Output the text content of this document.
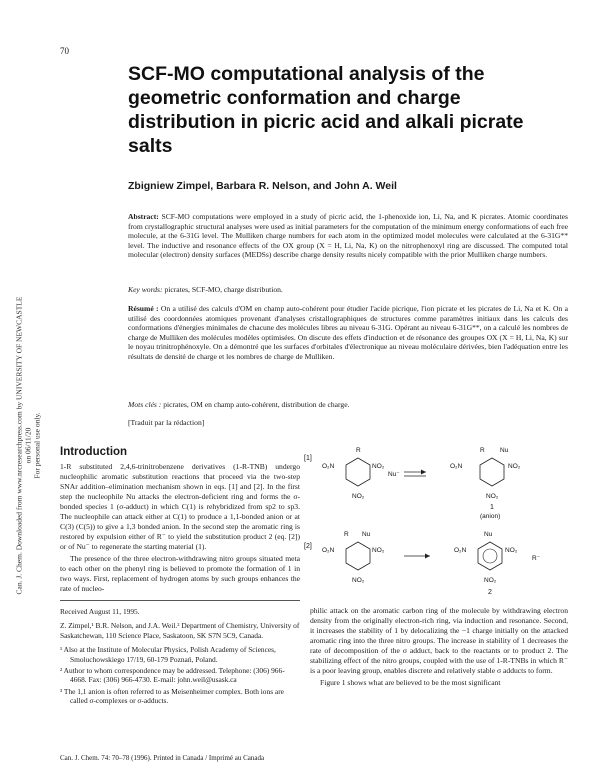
70
Can. J. Chem. Downloaded from www.nrcresearchpress.com by UNIVERSITY OF NEWCASTLE on 06/11/20 For personal use only.
SCF-MO computational analysis of the geometric conformation and charge distribution in picric acid and alkali picrate salts
Zbigniew Zimpel, Barbara R. Nelson, and John A. Weil
Abstract: SCF-MO computations were employed in a study of picric acid, the 1-phenoxide ion, Li, Na, and K picrates. Atomic coordinates from crystallographic structural analyses were used as initial parameters for the computation of the minimum energy conformations of each free molecule, at the 6-31G level. The Mulliken charge numbers for each atom in the optimized model molecules were calculated at the 6-31G** level. The inductive and resonance effects of the OX group (X = H, Li, Na, K) on the nitrophenoxyl ring are discussed. The computed total molecular (electron) density surfaces (MEDSs) describe charge density results nicely compatible with the prior Mulliken charge numbers.
Key words: picrates, SCF-MO, charge distribution.
Résumé : On a utilisé des calculs d'OM en champ auto-cohérent pour étudier l'acide picrique, l'ion picrate et les picrates de Li, Na et K. On a utilisé des coordonnées atomiques provenant d'analyses cristallographiques de structures comme paramètres initiaux dans les calculs des conformations d'énergies minimales de chacune des molécules libres au niveau 6-31G. Opérant au niveau 6-31G**, on a calculé les nombres de charge de Mulliken des molécules modèles optimisées. On discute des effets d'induction et de résonance des groupes OX (X = H, Li, Na, K) sur le noyau trinitrophénoxyle. On a démontré que les surfaces d'orbitales d'électronique au niveau moléculaire dérivées, bien l'adéquation entre les résultats de densité de charge et les nombres de charge de Mulliken.
Mots clés : picrates, OM en champ auto-cohérent, distribution de charge.
[Traduit par la rédaction]
Introduction

1-R substituted 2,4,6-trinitrobenzene derivatives (1-R-TNB) undergo nucleophilic aromatic substitution reactions that proceed via the two-step SNAr addition–elimination mechanism shown in eqs. [1] and [2]. In the first step the nucleophile Nu attacks the electron-deficient ring and forms the σ-bonded species 1 (σ-adduct) in which C(1) is rehybridized from sp2 to sp3. The nucleophile can attack either at C(1) to produce a 1,1-bonded anion or at C(3) (C(5)) to give a 1,3 bonded anion. In the second step the aromatic ring is restored by expulsion either of R⁻ to yield the substitution product 2 (eq. [2]) or of Nu⁻ to regenerate the starting material (1).

The presence of the three electron-withdrawing nitro groups situated meta to each other on the phenyl ring is believed to promote the formation of 1 in two ways. First, replacement of hydrogen atoms by such groups enhances the rate of nucleo-

Received August 11, 1995.

Z. Zimpel,¹ B.R. Nelson, and J.A. Weil.² Department of Chemistry, University of Saskatchewan, 110 Science Place, Saskatoon, SK S7N 5C9, Canada.

¹ Also at the Institute of Molecular Physics, Polish Academy of Sciences, Smoluchowskiego 17/19, 60-179 Poznań, Poland.

² Author to whom correspondence may be addressed. Telephone: (306) 966-4668. Fax: (306) 966-4730. E-mail: john.weil@usask.ca

³ The 1,1 anion is often referred to as Meisenheimer complex. Both ions are called σ-complexes or σ-adducts.

[1]
R
O₂N	NO₂
NO₂
Nu⁻
R Nu
O₂N	NO₂
NO₂
1
(anion)
[2]
R Nu
O₂N	NO₂
NO₂
Nu
O₂N	NO₂
NO₂
R⁻
2

philic attack on the aromatic carbon ring of the molecule by withdrawing electron density from the originally electron-rich ring, via induction and resonance. Second, it increases the stability of 1 by delocalizing the −1 charge initially on the attacked aromatic ring into the three nitro groups. The increase in stability of 1 decreases the rate of decomposition of the σ adduct, back to the reactants or to product 2. The stabilizing effect of the nitro groups, coupled with the use of 1-R-TNBs in which R⁻ is a poor leaving group, enables discrete and relatively stable σ adducts to form.

Figure 1 shows what are believed to be the most significant

Can. J. Chem. 74: 70–78 (1996). Printed in Canada / Imprimé au Canada
